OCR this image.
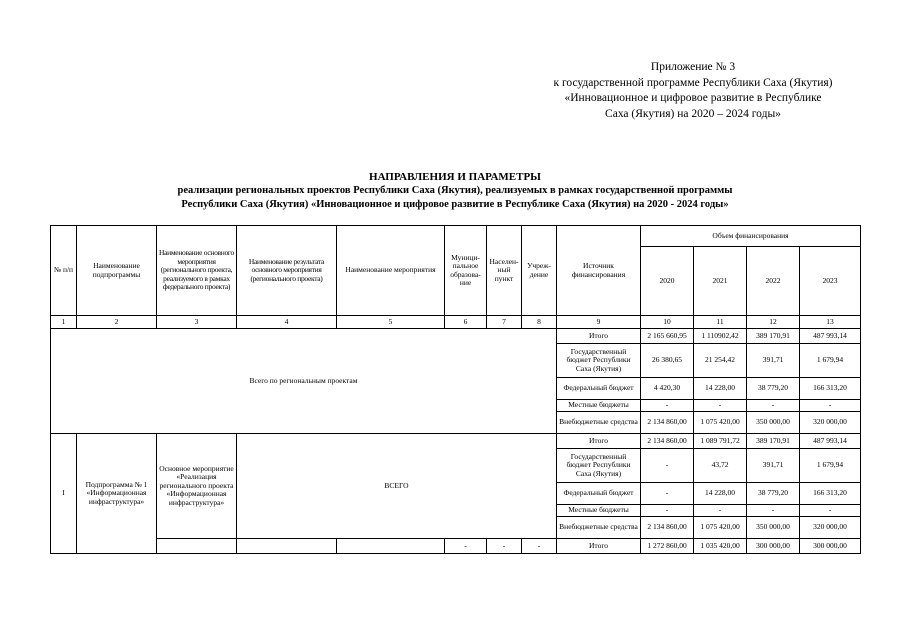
Приложение № 3
к государственной программе Республики Саха (Якутия)
«Инновационное и цифровое развитие в Республике
Саха (Якутия) на 2020 – 2024 годы»
НАПРАВЛЕНИЯ И ПАРАМЕТРЫ
реализации региональных проектов Республики Саха (Якутия), реализуемых в рамках государственной программы
Республики Саха (Якутия) «Инновационное и цифровое развитие в Республике Саха (Якутия) на 2020 - 2024 годы»
№ п/п	Наименование подпрограммы	Наименование основного мероприятия (регионального проекта, реализуемого в рамках федерального проекта)	Наименование результата основного мероприятия (регионального проекта)	Наименование мероприятия	Муници-пальное образова-ние	Населен-ный пункт	Учреж-дение	Источник финансирования	Объем финансирования			
									2020	2021	2022	2023
1	2	3	4	5	6	7	8	9	10	11	12	13
Всего по региональным проектам								Итого	2 165 660,95	1 110902,42	389 170,91	487 993,14
								Государственный бюджет Республики Саха (Якутия)	26 380,65	21 254,42	391,71	1 679,94
								Федеральный бюджет	4 420,30	14 228,00	38 779,20	166 313,20
								Местные бюджеты	-	-	-	-
								Внебюджетные средства	2 134 860,00	1 075 420,00	350 000,00	320 000,00
I	Подпрограмма № 1 «Информационная инфраструктура»	Основное мероприятие «Реализация регионального проекта «Информационная инфраструктура»	ВСЕГО					Итого	2 134 860,00	1 089 791,72	389 170,91	487 993,14
								Государственный бюджет Республики Саха (Якутия)	-	43,72	391,71	1 679,94
								Федеральный бюджет	-	14 228,00	38 779,20	166 313,20
								Местные бюджеты	-	-	-	-
								Внебюджетные средства	2 134 860,00	1 075 420,00	350 000,00	320 000,00
					-	-	-	Итого	1 272 860,00	1 035 420,00	300 000,00	300 000,00
